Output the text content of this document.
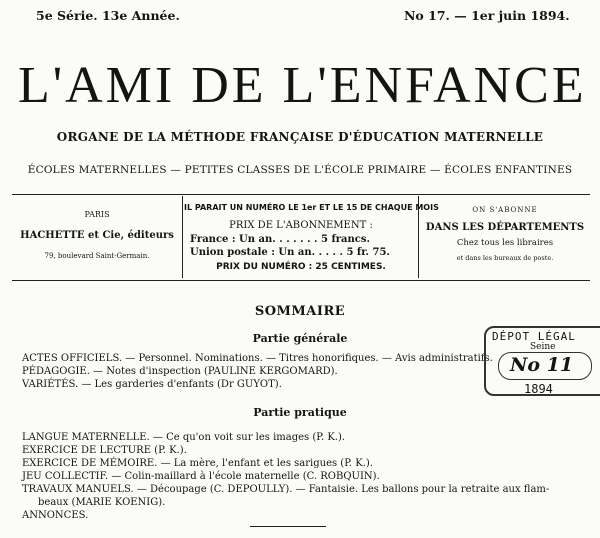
5e Série. 13e Année.	No 17. — 1er juin 1894.
L'AMI DE L'ENFANCE
ORGANE DE LA MÉTHODE FRANÇAISE D'ÉDUCATION MATERNELLE
ÉCOLES MATERNELLES — PETITES CLASSES DE L'ÉCOLE PRIMAIRE — ÉCOLES ENFANTINES
PARIS
HACHETTE et Cie, éditeurs
79, boulevard Saint-Germain.
IL PARAIT UN NUMÉRO LE 1er ET LE 15 DE CHAQUE MOIS
PRIX DE L'ABONNEMENT :
France : Un an. . . . . . . 5 francs.
Union postale : Un an. . . . . 5 fr. 75.
PRIX DU NUMÉRO : 25 CENTIMES.
ON S'ABONNE
DANS LES DÉPARTEMENTS
Chez tous les libraires
et dans les bureaux de poste.
SOMMAIRE
Partie générale
ACTES OFFICIELS. — Personnel. Nominations. — Titres honorifiques. — Avis administratifs.
PÉDAGOGIE. — Notes d'inspection (PAULINE KERGOMARD).
VARIÉTÉS. — Les garderies d'enfants (Dr GUYOT).
Partie pratique
LANGUE MATERNELLE. — Ce qu'on voit sur les images (P. K.).
EXERCICE DE LECTURE (P. K.).
EXERCICE DE MÉMOIRE. — La mère, l'enfant et les sarigues (P. K.).
JEU COLLECTIF. — Colin-maillard à l'école maternelle (C. ROBQUIN).
TRAVAUX MANUELS. — Découpage (C. DEPOULLY). — Fantaisie. Les ballons pour la retraite aux flam-
beaux (MARIE KOENIG).
ANNONCES.
DÉPOT LÉGAL
Seine
No 11
1894
